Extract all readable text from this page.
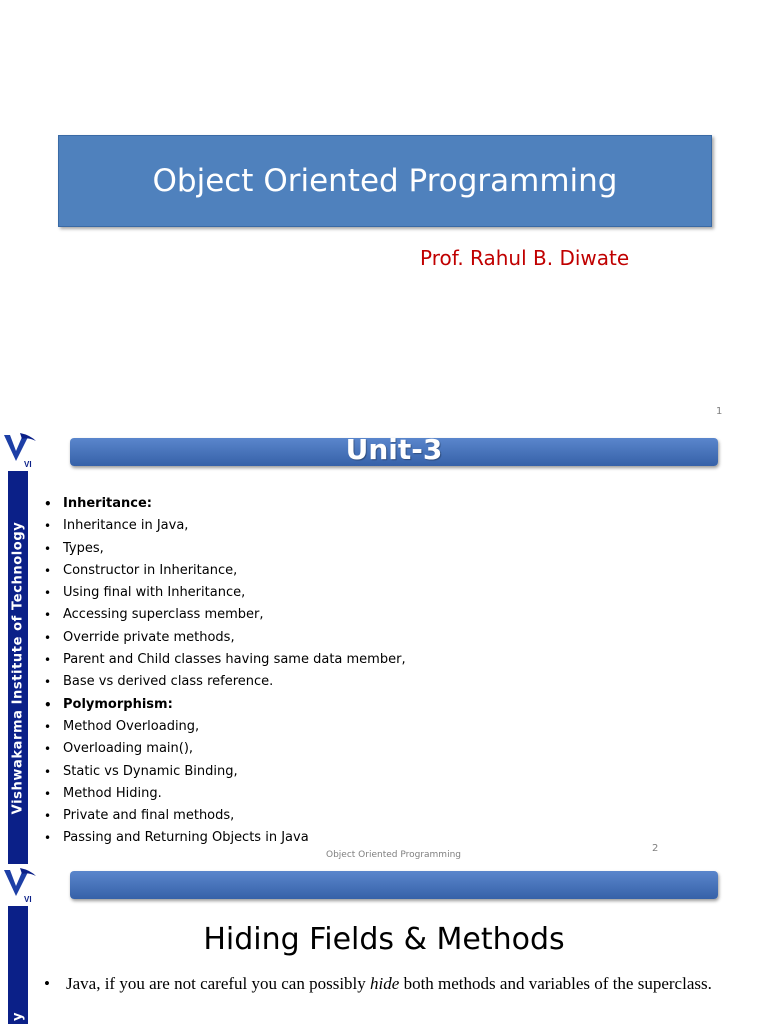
Object Oriented Programming
Prof. Rahul B. Diwate
1
Vishwakarma Institute of Technology
VI	Unit-3
• Inheritance:
• Inheritance in Java,
• Types,
• Constructor in Inheritance,
• Using final with Inheritance,
• Accessing superclass member,
• Override private methods,
• Parent and Child classes having same data member,
• Base vs derived class reference.
• Polymorphism:
• Method Overloading,
• Overloading main(),
• Static vs Dynamic Binding,
• Method Hiding.
• Private and final methods,
• Passing and Returning Objects in Java
Object Oriented Programming
2
y
VI
Hiding Fields & Methods
• Java, if you are not careful you can possibly hide both methods and variables of the superclass.
